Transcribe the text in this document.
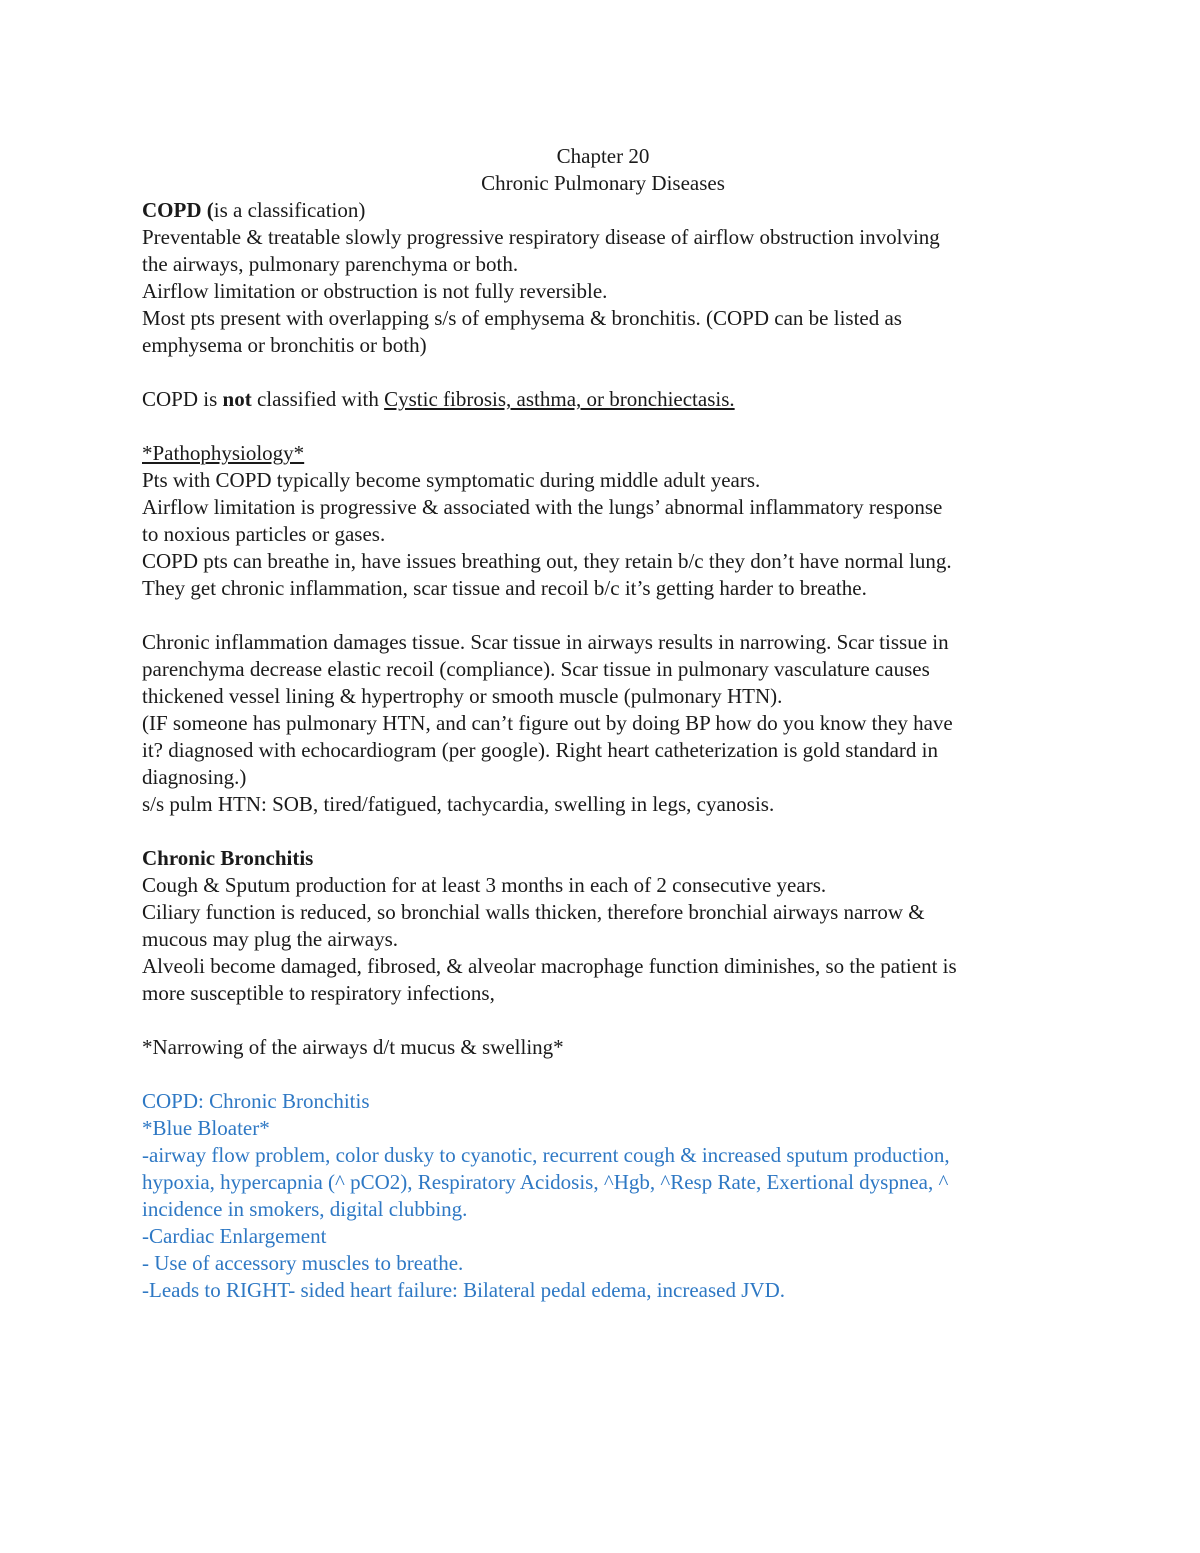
Chapter 20
Chronic Pulmonary Diseases
COPD (is a classification)
Preventable & treatable slowly progressive respiratory disease of airflow obstruction involving
the airways, pulmonary parenchyma or both.
Airflow limitation or obstruction is not fully reversible.
Most pts present with overlapping s/s of emphysema & bronchitis. (COPD can be listed as
emphysema or bronchitis or both)
COPD is not classified with Cystic fibrosis, asthma, or bronchiectasis.
*Pathophysiology*
Pts with COPD typically become symptomatic during middle adult years.
Airflow limitation is progressive & associated with the lungs’ abnormal inflammatory response
to noxious particles or gases.
COPD pts can breathe in, have issues breathing out, they retain b/c they don’t have normal lung.
They get chronic inflammation, scar tissue and recoil b/c it’s getting harder to breathe.
Chronic inflammation damages tissue. Scar tissue in airways results in narrowing. Scar tissue in
parenchyma decrease elastic recoil (compliance). Scar tissue in pulmonary vasculature causes
thickened vessel lining & hypertrophy or smooth muscle (pulmonary HTN).
(IF someone has pulmonary HTN, and can’t figure out by doing BP how do you know they have
it? diagnosed with echocardiogram (per google). Right heart catheterization is gold standard in
diagnosing.)
s/s pulm HTN: SOB, tired/fatigued, tachycardia, swelling in legs, cyanosis.
Chronic Bronchitis
Cough & Sputum production for at least 3 months in each of 2 consecutive years.
Ciliary function is reduced, so bronchial walls thicken, therefore bronchial airways narrow &
mucous may plug the airways.
Alveoli become damaged, fibrosed, & alveolar macrophage function diminishes, so the patient is
more susceptible to respiratory infections,
*Narrowing of the airways d/t mucus & swelling*
COPD: Chronic Bronchitis
*Blue Bloater*
-airway flow problem, color dusky to cyanotic, recurrent cough & increased sputum production,
hypoxia, hypercapnia (^ pCO2), Respiratory Acidosis, ^Hgb, ^Resp Rate, Exertional dyspnea, ^
incidence in smokers, digital clubbing.
-Cardiac Enlargement
- Use of accessory muscles to breathe.
-Leads to RIGHT- sided heart failure: Bilateral pedal edema, increased JVD.
